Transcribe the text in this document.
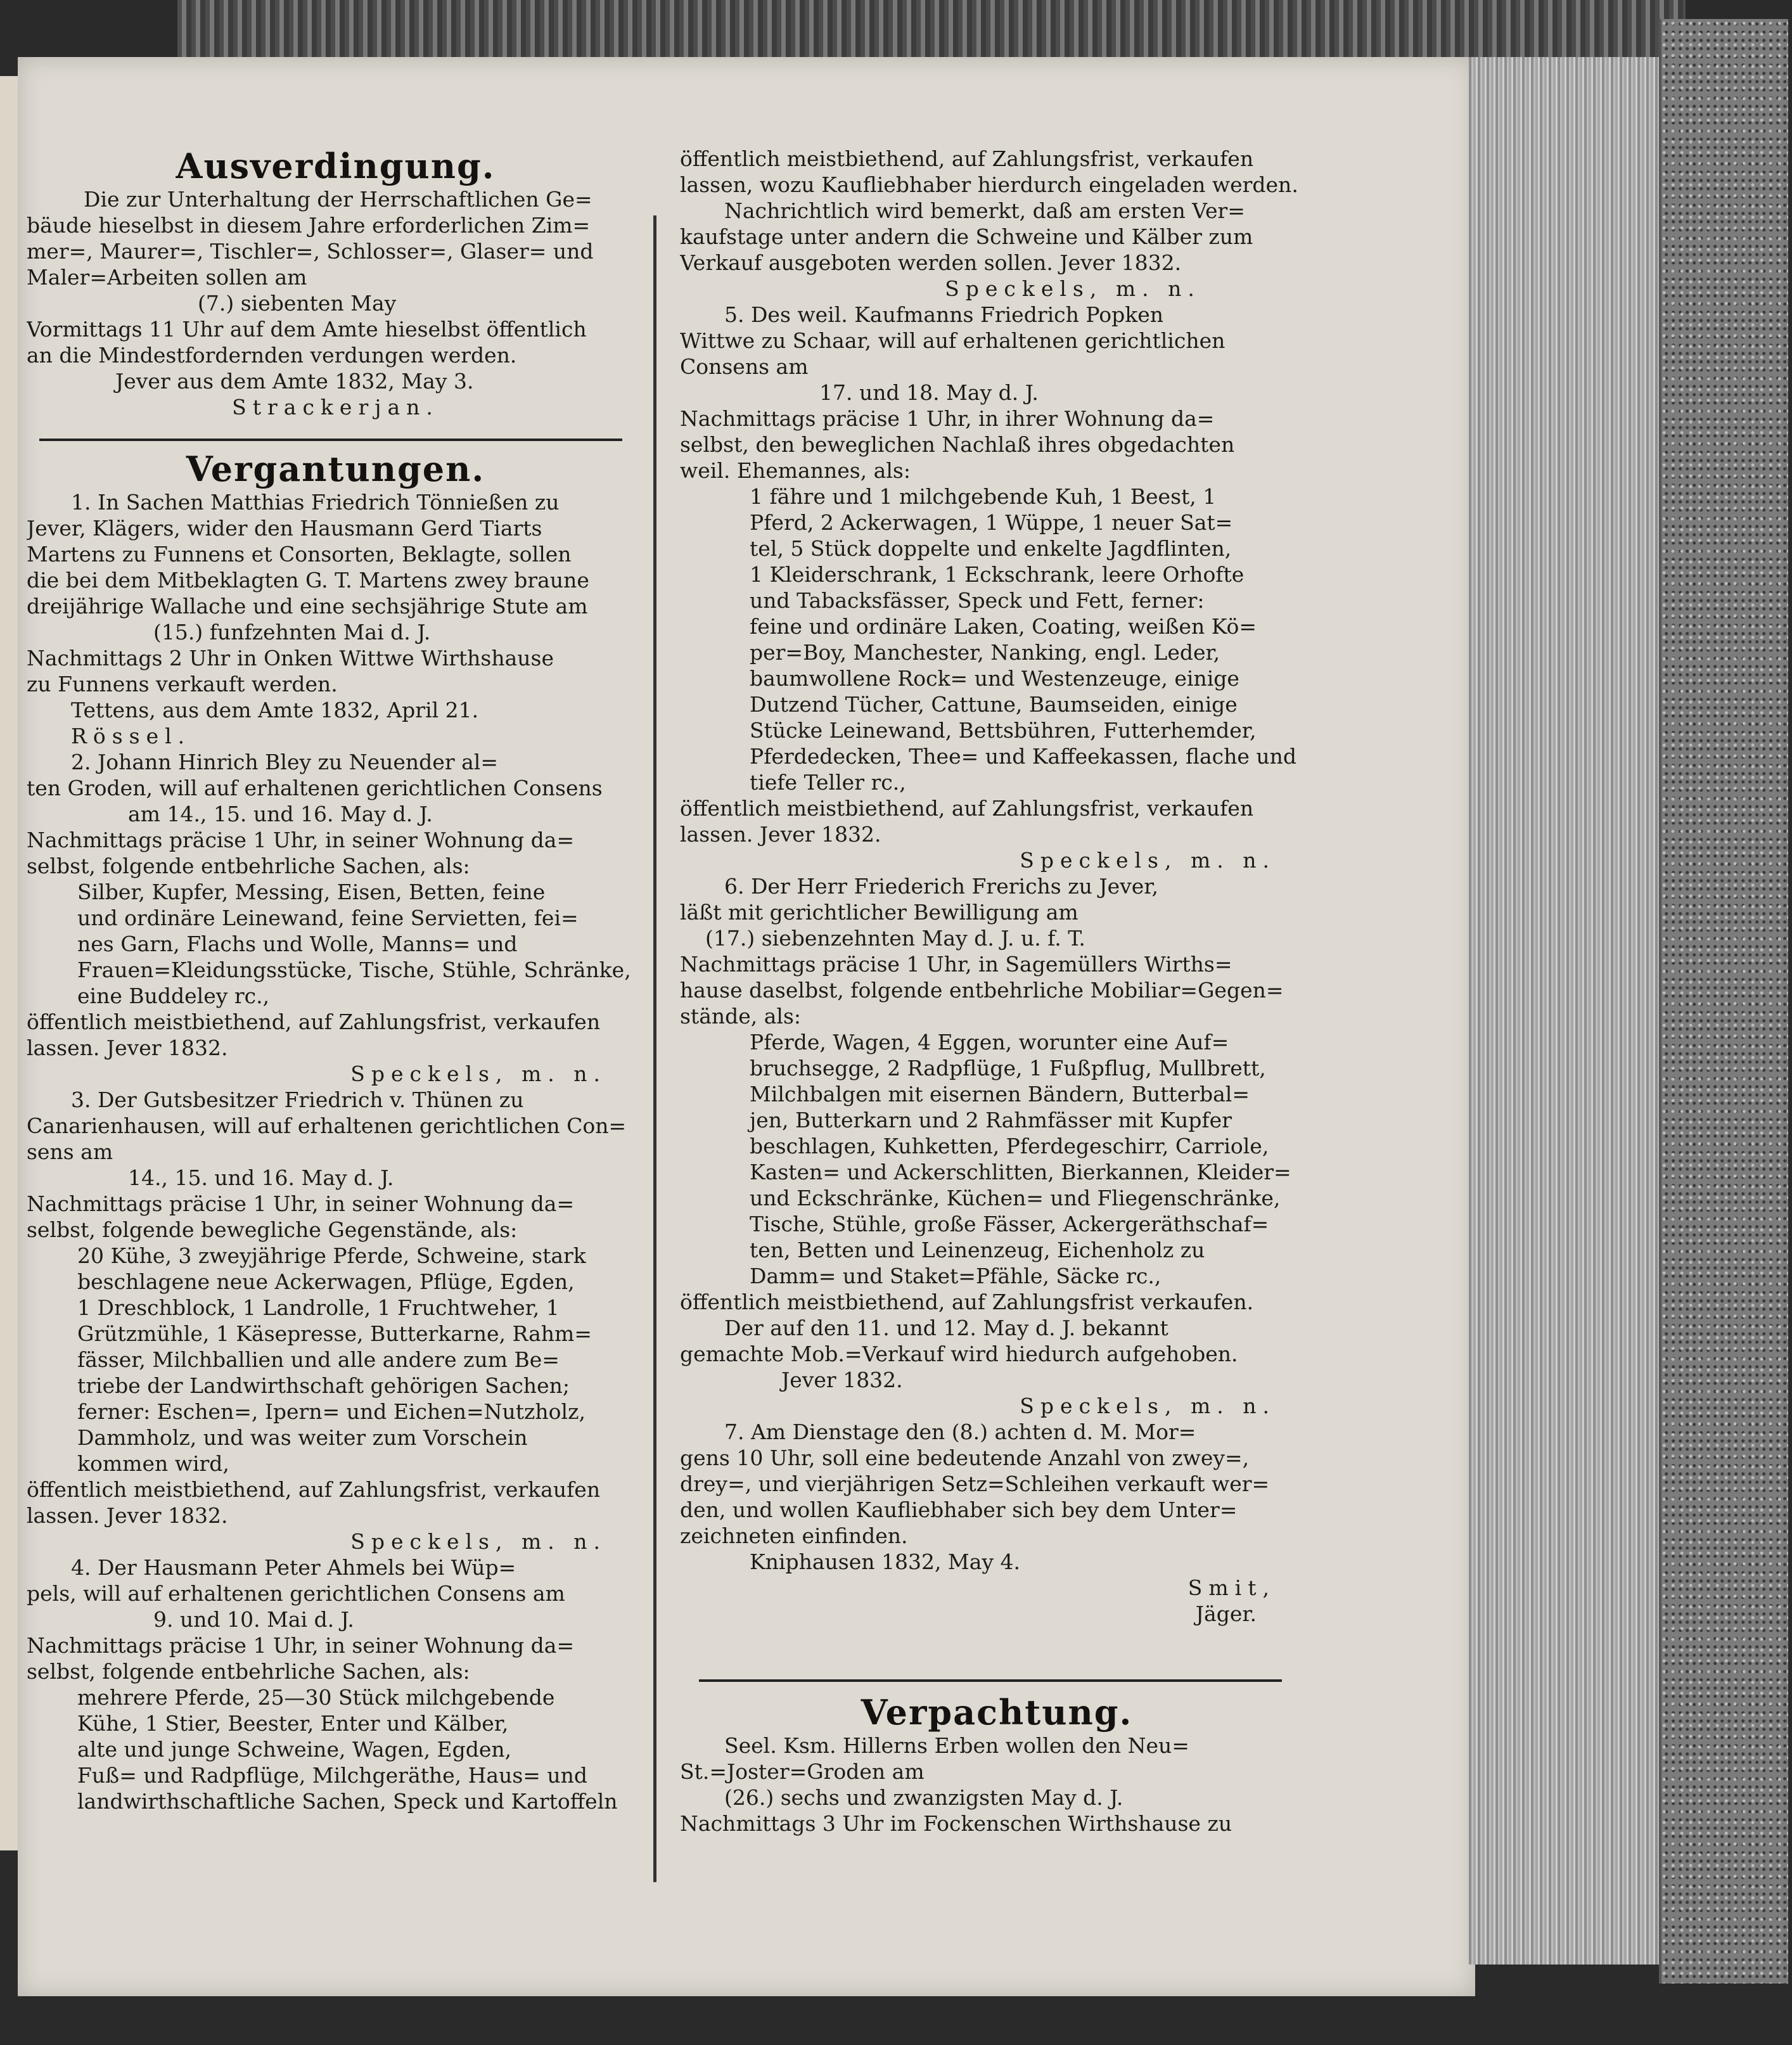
Ausverdingung.
Die zur Unterhaltung der Herrschaftlichen Ge=
bäude hieselbst in diesem Jahre erforderlichen Zim=
mer=, Maurer=, Tischler=, Schlosser=, Glaser= und
Maler=Arbeiten sollen am
(7.) siebenten May
Vormittags 11 Uhr auf dem Amte hieselbst öffentlich
an die Mindestfordernden verdungen werden.
Jever aus dem Amte 1832, May 3.
Strackerjan.
Vergantungen.
1. In Sachen Matthias Friedrich Tönnießen zu
Jever, Klägers, wider den Hausmann Gerd Tiarts
Martens zu Funnens et Consorten, Beklagte, sollen
die bei dem Mitbeklagten G. T. Martens zwey braune
dreijährige Wallache und eine sechsjährige Stute am
(15.) funfzehnten Mai d. J.
Nachmittags 2 Uhr in Onken Wittwe Wirthshause
zu Funnens verkauft werden.
Tettens, aus dem Amte 1832, April 21.
Rössel.
2. Johann Hinrich Bley zu Neuender al=
ten Groden, will auf erhaltenen gerichtlichen Consens
am 14., 15. und 16. May d. J.
Nachmittags präcise 1 Uhr, in seiner Wohnung da=
selbst, folgende entbehrliche Sachen, als:
Silber, Kupfer, Messing, Eisen, Betten, feine
und ordinäre Leinewand, feine Servietten, fei=
nes Garn, Flachs und Wolle, Manns= und
Frauen=Kleidungsstücke, Tische, Stühle, Schränke,
eine Buddeley rc.,
öffentlich meistbiethend, auf Zahlungsfrist, verkaufen
lassen. Jever 1832.
Speckels, m. n.
3. Der Gutsbesitzer Friedrich v. Thünen zu
Canarienhausen, will auf erhaltenen gerichtlichen Con=
sens am
14., 15. und 16. May d. J.
Nachmittags präcise 1 Uhr, in seiner Wohnung da=
selbst, folgende bewegliche Gegenstände, als:
20 Kühe, 3 zweyjährige Pferde, Schweine, stark
beschlagene neue Ackerwagen, Pflüge, Egden,
1 Dreschblock, 1 Landrolle, 1 Fruchtweher, 1
Grützmühle, 1 Käsepresse, Butterkarne, Rahm=
fässer, Milchballien und alle andere zum Be=
triebe der Landwirthschaft gehörigen Sachen;
ferner: Eschen=, Ipern= und Eichen=Nutzholz,
Dammholz, und was weiter zum Vorschein
kommen wird,
öffentlich meistbiethend, auf Zahlungsfrist, verkaufen
lassen. Jever 1832.
Speckels, m. n.
4. Der Hausmann Peter Ahmels bei Wüp=
pels, will auf erhaltenen gerichtlichen Consens am
9. und 10. Mai d. J.
Nachmittags präcise 1 Uhr, in seiner Wohnung da=
selbst, folgende entbehrliche Sachen, als:
mehrere Pferde, 25—30 Stück milchgebende
Kühe, 1 Stier, Beester, Enter und Kälber,
alte und junge Schweine, Wagen, Egden,
Fuß= und Radpflüge, Milchgeräthe, Haus= und
landwirthschaftliche Sachen, Speck und Kartoffeln
öffentlich meistbiethend, auf Zahlungsfrist, verkaufen
lassen, wozu Kaufliebhaber hierdurch eingeladen werden.
Nachrichtlich wird bemerkt, daß am ersten Ver=
kaufstage unter andern die Schweine und Kälber zum
Verkauf ausgeboten werden sollen. Jever 1832.
Speckels, m. n.
5. Des weil. Kaufmanns Friedrich Popken
Wittwe zu Schaar, will auf erhaltenen gerichtlichen
Consens am
17. und 18. May d. J.
Nachmittags präcise 1 Uhr, in ihrer Wohnung da=
selbst, den beweglichen Nachlaß ihres obgedachten
weil. Ehemannes, als:
1 fähre und 1 milchgebende Kuh, 1 Beest, 1
Pferd, 2 Ackerwagen, 1 Wüppe, 1 neuer Sat=
tel, 5 Stück doppelte und enkelte Jagdflinten,
1 Kleiderschrank, 1 Eckschrank, leere Orhofte
und Tabacksfässer, Speck und Fett, ferner:
feine und ordinäre Laken, Coating, weißen Kö=
per=Boy, Manchester, Nanking, engl. Leder,
baumwollene Rock= und Westenzeuge, einige
Dutzend Tücher, Cattune, Baumseiden, einige
Stücke Leinewand, Bettsbühren, Futterhemder,
Pferdedecken, Thee= und Kaffeekassen, flache und
tiefe Teller rc.,
öffentlich meistbiethend, auf Zahlungsfrist, verkaufen
lassen. Jever 1832.
Speckels, m. n.
6. Der Herr Friederich Frerichs zu Jever,
läßt mit gerichtlicher Bewilligung am
(17.) siebenzehnten May d. J. u. f. T.
Nachmittags präcise 1 Uhr, in Sagemüllers Wirths=
hause daselbst, folgende entbehrliche Mobiliar=Gegen=
stände, als:
Pferde, Wagen, 4 Eggen, worunter eine Auf=
bruchsegge, 2 Radpflüge, 1 Fußpflug, Mullbrett,
Milchbalgen mit eisernen Bändern, Butterbal=
jen, Butterkarn und 2 Rahmfässer mit Kupfer
beschlagen, Kuhketten, Pferdegeschirr, Carriole,
Kasten= und Ackerschlitten, Bierkannen, Kleider=
und Eckschränke, Küchen= und Fliegenschränke,
Tische, Stühle, große Fässer, Ackergeräthschaf=
ten, Betten und Leinenzeug, Eichenholz zu
Damm= und Staket=Pfähle, Säcke rc.,
öffentlich meistbiethend, auf Zahlungsfrist verkaufen.
Der auf den 11. und 12. May d. J. bekannt
gemachte Mob.=Verkauf wird hiedurch aufgehoben.
Jever 1832.
Speckels, m. n.
7. Am Dienstage den (8.) achten d. M. Mor=
gens 10 Uhr, soll eine bedeutende Anzahl von zwey=,
drey=, und vierjährigen Setz=Schleihen verkauft wer=
den, und wollen Kaufliebhaber sich bey dem Unter=
zeichneten einfinden.
Kniphausen 1832, May 4.
Smit,
Jäger.
Verpachtung.
Seel. Ksm. Hillerns Erben wollen den Neu=
St.=Joster=Groden am
(26.) sechs und zwanzigsten May d. J.
Nachmittags 3 Uhr im Fockenschen Wirthshause zu
